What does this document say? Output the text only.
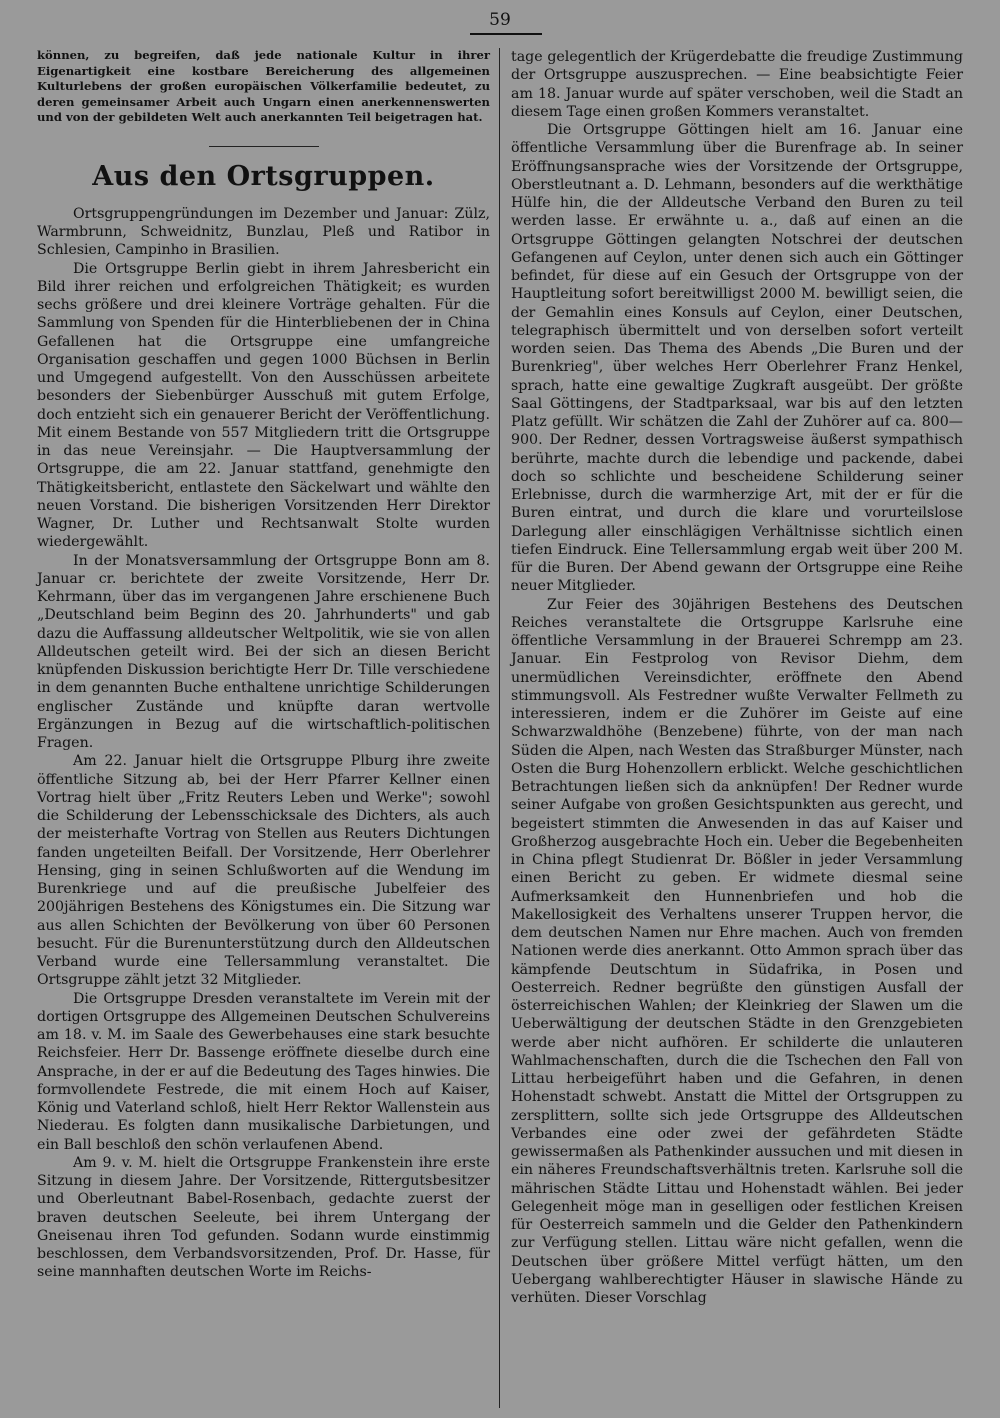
59

können, zu begreifen, daß jede nationale Kultur in ihrer Eigenartigkeit eine kostbare Bereicherung des allgemeinen Kulturlebens der großen europäischen Völkerfamilie bedeutet, zu deren gemeinsamer Arbeit auch Ungarn einen anerkennenswerten und von der gebildeten Welt auch anerkannten Teil beigetragen hat.

Aus den Ortsgruppen.

Ortsgruppengründungen im Dezember und Januar: Zülz, Warmbrunn, Schweidnitz, Bunzlau, Pleß und Ratibor in Schlesien, Campinho in Brasilien.

Die Ortsgruppe Berlin giebt in ihrem Jahresbericht ein Bild ihrer reichen und erfolgreichen Thätigkeit; es wurden sechs größere und drei kleinere Vorträge gehalten. Für die Sammlung von Spenden für die Hinterbliebenen der in China Gefallenen hat die Ortsgruppe eine umfangreiche Organisation geschaffen und gegen 1000 Büchsen in Berlin und Umgegend aufgestellt. Von den Ausschüssen arbeitete besonders der Siebenbürger Ausschuß mit gutem Erfolge, doch entzieht sich ein genauerer Bericht der Veröffentlichung. Mit einem Bestande von 557 Mitgliedern tritt die Ortsgruppe in das neue Vereinsjahr. — Die Hauptversammlung der Ortsgruppe, die am 22. Januar stattfand, genehmigte den Thätigkeitsbericht, entlastete den Säckelwart und wählte den neuen Vorstand. Die bisherigen Vorsitzenden Herr Direktor Wagner, Dr. Luther und Rechtsanwalt Stolte wurden wiedergewählt.

In der Monatsversammlung der Ortsgruppe Bonn am 8. Januar cr. berichtete der zweite Vorsitzende, Herr Dr. Kehrmann, über das im vergangenen Jahre erschienene Buch „Deutschland beim Beginn des 20. Jahrhunderts" und gab dazu die Auffassung alldeutscher Weltpolitik, wie sie von allen Alldeutschen geteilt wird. Bei der sich an diesen Bericht knüpfenden Diskussion berichtigte Herr Dr. Tille verschiedene in dem genannten Buche enthaltene unrichtige Schilderungen englischer Zustände und knüpfte daran wertvolle Ergänzungen in Bezug auf die wirtschaftlich-politischen Fragen.

Am 22. Januar hielt die Ortsgruppe Plburg ihre zweite öffentliche Sitzung ab, bei der Herr Pfarrer Kellner einen Vortrag hielt über „Fritz Reuters Leben und Werke"; sowohl die Schilderung der Lebensschicksale des Dichters, als auch der meisterhafte Vortrag von Stellen aus Reuters Dichtungen fanden ungeteilten Beifall. Der Vorsitzende, Herr Oberlehrer Hensing, ging in seinen Schlußworten auf die Wendung im Burenkriege und auf die preußische Jubelfeier des 200jährigen Bestehens des Königstumes ein. Die Sitzung war aus allen Schichten der Bevölkerung von über 60 Personen besucht. Für die Burenunterstützung durch den Alldeutschen Verband wurde eine Tellersammlung veranstaltet. Die Ortsgruppe zählt jetzt 32 Mitglieder.

Die Ortsgruppe Dresden veranstaltete im Verein mit der dortigen Ortsgruppe des Allgemeinen Deutschen Schulvereins am 18. v. M. im Saale des Gewerbehauses eine stark besuchte Reichsfeier. Herr Dr. Bassenge eröffnete dieselbe durch eine Ansprache, in der er auf die Bedeutung des Tages hinwies. Die formvollendete Festrede, die mit einem Hoch auf Kaiser, König und Vaterland schloß, hielt Herr Rektor Wallenstein aus Niederau. Es folgten dann musikalische Darbietungen, und ein Ball beschloß den schön verlaufenen Abend.

Am 9. v. M. hielt die Ortsgruppe Frankenstein ihre erste Sitzung in diesem Jahre. Der Vorsitzende, Rittergutsbesitzer und Oberleutnant Babel-Rosenbach, gedachte zuerst der braven deutschen Seeleute, bei ihrem Untergang der Gneisenau ihren Tod gefunden. Sodann wurde einstimmig beschlossen, dem Verbandsvorsitzenden, Prof. Dr. Hasse, für seine mannhaften deutschen Worte im Reichs-

tage gelegentlich der Krügerdebatte die freudige Zustimmung der Ortsgruppe auszusprechen. — Eine beabsichtigte Feier am 18. Januar wurde auf später verschoben, weil die Stadt an diesem Tage einen großen Kommers veranstaltet.

Die Ortsgruppe Göttingen hielt am 16. Januar eine öffentliche Versammlung über die Burenfrage ab. In seiner Eröffnungsansprache wies der Vorsitzende der Ortsgruppe, Oberstleutnant a. D. Lehmann, besonders auf die werkthätige Hülfe hin, die der Alldeutsche Verband den Buren zu teil werden lasse. Er erwähnte u. a., daß auf einen an die Ortsgruppe Göttingen gelangten Notschrei der deutschen Gefangenen auf Ceylon, unter denen sich auch ein Göttinger befindet, für diese auf ein Gesuch der Ortsgruppe von der Hauptleitung sofort bereitwilligst 2000 M. bewilligt seien, die der Gemahlin eines Konsuls auf Ceylon, einer Deutschen, telegraphisch übermittelt und von derselben sofort verteilt worden seien. Das Thema des Abends „Die Buren und der Burenkrieg", über welches Herr Oberlehrer Franz Henkel, sprach, hatte eine gewaltige Zugkraft ausgeübt. Der größte Saal Göttingens, der Stadtparksaal, war bis auf den letzten Platz gefüllt. Wir schätzen die Zahl der Zuhörer auf ca. 800—900. Der Redner, dessen Vortragsweise äußerst sympathisch berührte, machte durch die lebendige und packende, dabei doch so schlichte und bescheidene Schilderung seiner Erlebnisse, durch die warmherzige Art, mit der er für die Buren eintrat, und durch die klare und vorurteilslose Darlegung aller einschlägigen Verhältnisse sichtlich einen tiefen Eindruck. Eine Tellersammlung ergab weit über 200 M. für die Buren. Der Abend gewann der Ortsgruppe eine Reihe neuer Mitglieder.

Zur Feier des 30jährigen Bestehens des Deutschen Reiches veranstaltete die Ortsgruppe Karlsruhe eine öffentliche Versammlung in der Brauerei Schrempp am 23. Januar. Ein Festprolog von Revisor Diehm, dem unermüdlichen Vereinsdichter, eröffnete den Abend stimmungsvoll. Als Festredner wußte Verwalter Fellmeth zu interessieren, indem er die Zuhörer im Geiste auf eine Schwarzwaldhöhe (Benzebene) führte, von der man nach Süden die Alpen, nach Westen das Straßburger Münster, nach Osten die Burg Hohenzollern erblickt. Welche geschichtlichen Betrachtungen ließen sich da anknüpfen! Der Redner wurde seiner Aufgabe von großen Gesichtspunkten aus gerecht, und begeistert stimmten die Anwesenden in das auf Kaiser und Großherzog ausgebrachte Hoch ein. Ueber die Begebenheiten in China pflegt Studienrat Dr. Bößler in jeder Versammlung einen Bericht zu geben. Er widmete diesmal seine Aufmerksamkeit den Hunnenbriefen und hob die Makellosigkeit des Verhaltens unserer Truppen hervor, die dem deutschen Namen nur Ehre machen. Auch von fremden Nationen werde dies anerkannt. Otto Ammon sprach über das kämpfende Deutschtum in Südafrika, in Posen und Oesterreich. Redner begrüßte den günstigen Ausfall der österreichischen Wahlen; der Kleinkrieg der Slawen um die Ueberwältigung der deutschen Städte in den Grenzgebieten werde aber nicht aufhören. Er schilderte die unlauteren Wahlmachenschaften, durch die die Tschechen den Fall von Littau herbeigeführt haben und die Gefahren, in denen Hohenstadt schwebt. Anstatt die Mittel der Ortsgruppen zu zersplittern, sollte sich jede Ortsgruppe des Alldeutschen Verbandes eine oder zwei der gefährdeten Städte gewissermaßen als Pathenkinder aussuchen und mit diesen in ein näheres Freundschaftsverhältnis treten. Karlsruhe soll die mährischen Städte Littau und Hohenstadt wählen. Bei jeder Gelegenheit möge man in geselligen oder festlichen Kreisen für Oesterreich sammeln und die Gelder den Pathenkindern zur Verfügung stellen. Littau wäre nicht gefallen, wenn die Deutschen über größere Mittel verfügt hätten, um den Uebergang wahlberechtigter Häuser in slawische Hände zu verhüten. Dieser Vorschlag
